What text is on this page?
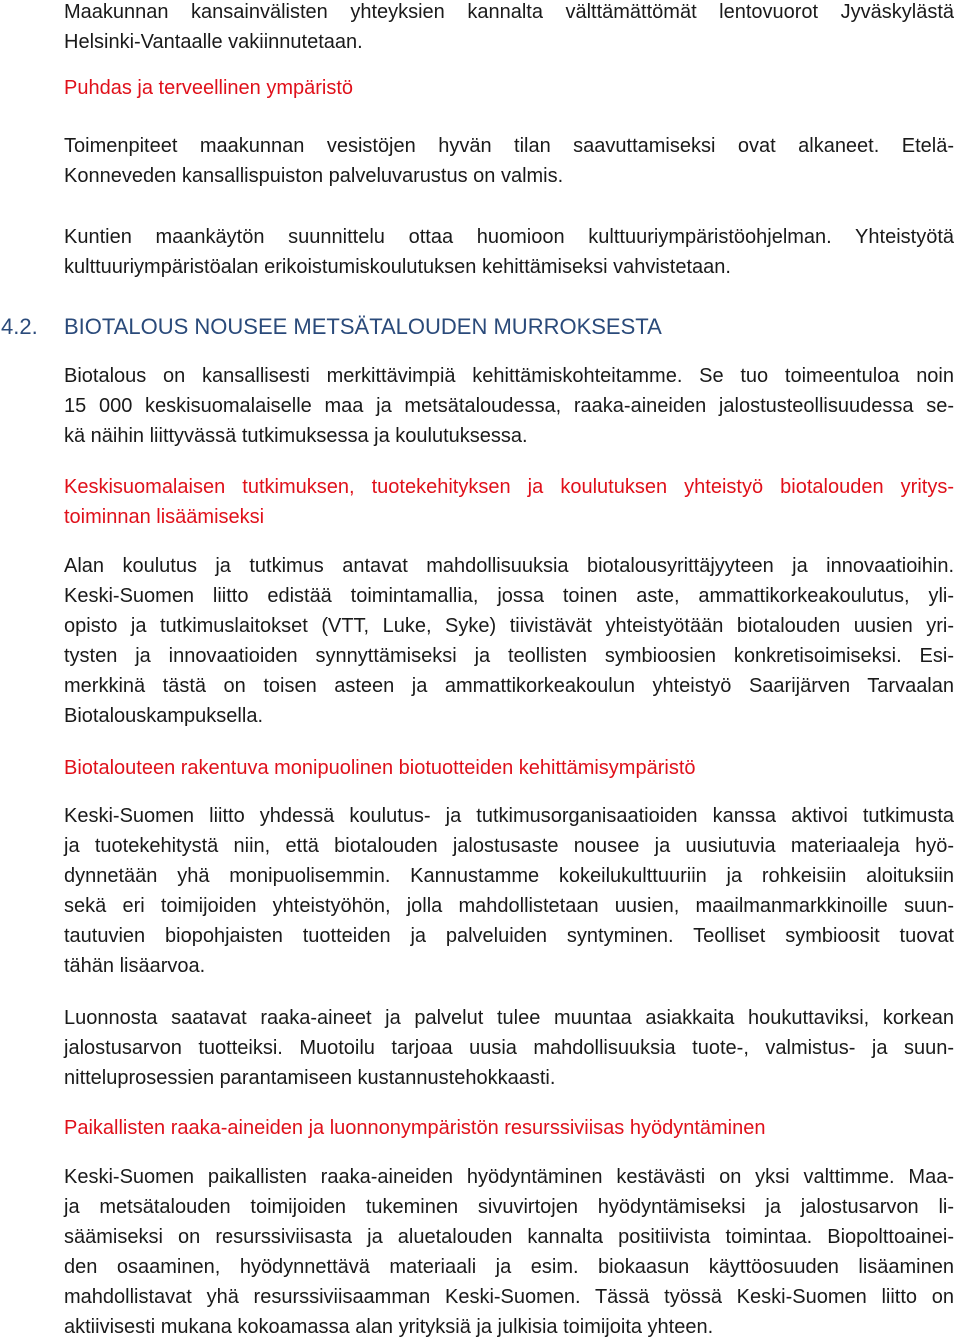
Maakunnan kansainvälisten yhteyksien kannalta välttämättömät lentovuorot Jyväskylästä
Helsinki-Vantaalle vakiinnutetaan.
Puhdas ja terveellinen ympäristö
Toimenpiteet maakunnan vesistöjen hyvän tilan saavuttamiseksi ovat alkaneet. Etelä-
Konneveden kansallispuiston palveluvarustus on valmis.
Kuntien maankäytön suunnittelu ottaa huomioon kulttuuriympäristöohjelman. Yhteistyötä
kulttuuriympäristöalan erikoistumiskoulutuksen kehittämiseksi vahvistetaan.
4.2. BIOTALOUS NOUSEE METSÄTALOUDEN MURROKSESTA
Biotalous on kansallisesti merkittävimpiä kehittämiskohteitamme. Se tuo toimeentuloa noin
15 000 keskisuomalaiselle maa ja metsätaloudessa, raaka-aineiden jalostusteollisuudessa se-
kä näihin liittyvässä tutkimuksessa ja koulutuksessa.
Keskisuomalaisen tutkimuksen, tuotekehityksen ja koulutuksen yhteistyö biotalouden yritys-
toiminnan lisäämiseksi
Alan koulutus ja tutkimus antavat mahdollisuuksia biotalousyrittäjyyteen ja innovaatioihin.
Keski-Suomen liitto edistää toimintamallia, jossa toinen aste, ammattikorkeakoulutus, yli-
opisto ja tutkimuslaitokset (VTT, Luke, Syke) tiivistävät yhteistyötään biotalouden uusien yri-
tysten ja innovaatioiden synnyttämiseksi ja teollisten symbioosien konkretisoimiseksi. Esi-
merkkinä tästä on toisen asteen ja ammattikorkeakoulun yhteistyö Saarijärven Tarvaalan
Biotalouskampuksella.
Biotalouteen rakentuva monipuolinen biotuotteiden kehittämisympäristö
Keski-Suomen liitto yhdessä koulutus- ja tutkimusorganisaatioiden kanssa aktivoi tutkimusta
ja tuotekehitystä niin, että biotalouden jalostusaste nousee ja uusiutuvia materiaaleja hyö-
dynnetään yhä monipuolisemmin. Kannustamme kokeilukulttuuriin ja rohkeisiin aloituksiin
sekä eri toimijoiden yhteistyöhön, jolla mahdollistetaan uusien, maailmanmarkkinoille suun-
tautuvien biopohjaisten tuotteiden ja palveluiden syntyminen. Teolliset symbioosit tuovat
tähän lisäarvoa.
Luonnosta saatavat raaka-aineet ja palvelut tulee muuntaa asiakkaita houkuttaviksi, korkean
jalostusarvon tuotteiksi. Muotoilu tarjoaa uusia mahdollisuuksia tuote-, valmistus- ja suun-
nitteluprosessien parantamiseen kustannustehokkaasti.
Paikallisten raaka-aineiden ja luonnonympäristön resurssiviisas hyödyntäminen
Keski-Suomen paikallisten raaka-aineiden hyödyntäminen kestävästi on yksi valttimme. Maa-
ja metsätalouden toimijoiden tukeminen sivuvirtojen hyödyntämiseksi ja jalostusarvon li-
säämiseksi on resurssiviisasta ja aluetalouden kannalta positiivista toimintaa. Biopolttoainei-
den osaaminen, hyödynnettävä materiaali ja esim. biokaasun käyttöosuuden lisäaminen
mahdollistavat yhä resurssiviisaamman Keski-Suomen. Tässä työssä Keski-Suomen liitto on
aktiivisesti mukana kokoamassa alan yrityksiä ja julkisia toimijoita yhteen.
